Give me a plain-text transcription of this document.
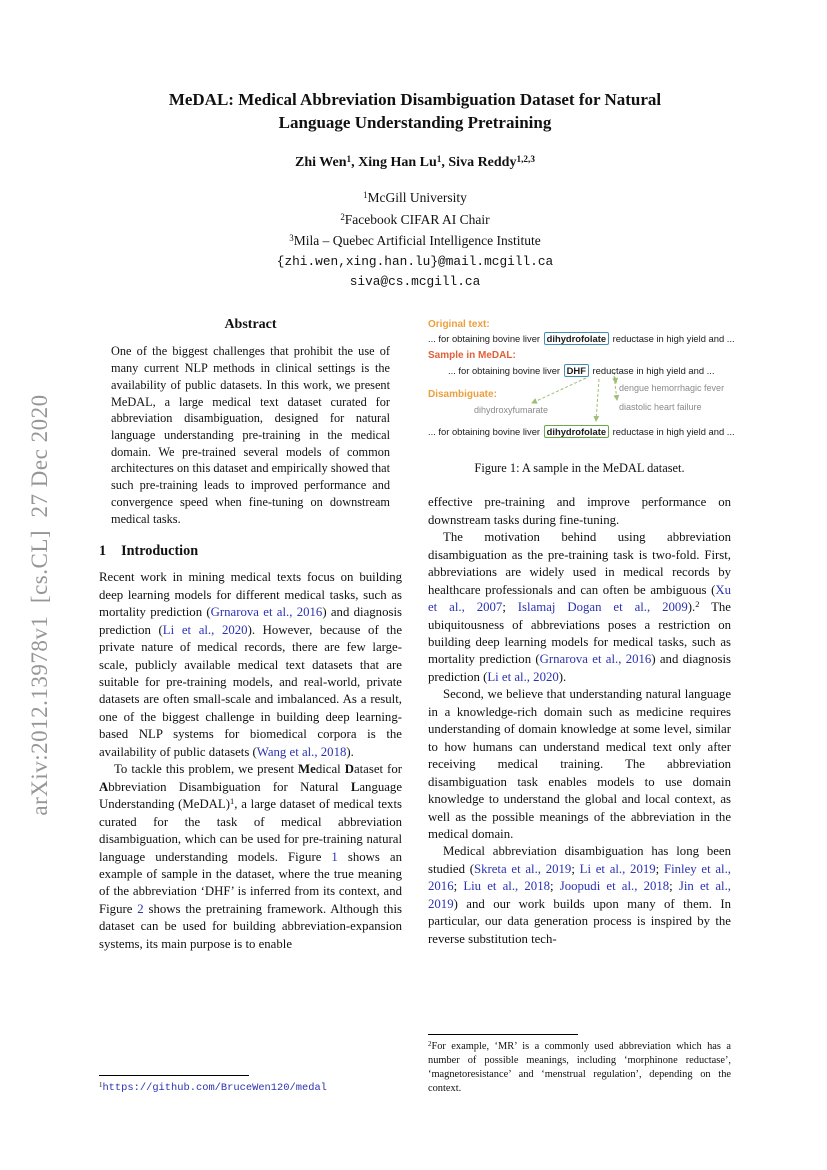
arXiv:2012.13978v1  [cs.CL]  27 Dec 2020
MeDAL: Medical Abbreviation Disambiguation Dataset for Natural Language Understanding Pretraining
Zhi Wen$^1$, Xing Han Lu$^1$, Siva Reddy$^{1,2,3}$
$^1$McGill University
$^2$Facebook CIFAR AI Chair
$^3$Mila – Quebec Artificial Intelligence Institute
{zhi.wen,xing.han.lu}@mail.mcgill.ca
siva@cs.mcgill.ca
Abstract
One of the biggest challenges that prohibit the use of many current NLP methods in clinical settings is the availability of public datasets. In this work, we present MeDAL, a large medical text dataset curated for abbreviation disambiguation, designed for natural language understanding pre-training in the medical domain. We pre-trained several models of common architectures on this dataset and empirically showed that such pre-training leads to improved performance and convergence speed when fine-tuning on downstream medical tasks.
1 Introduction

Recent work in mining medical texts focus on building deep learning models for different medical tasks, such as mortality prediction (Grnarova et al., 2016) and diagnosis prediction (Li et al., 2020). However, because of the private nature of medical records, there are few large-scale, publicly available medical text datasets that are suitable for pre-training models, and real-world, private datasets are often small-scale and imbalanced. As a result, one of the biggest challenge in building deep learning-based NLP systems for biomedical corpora is the availability of public datasets (Wang et al., 2018).

To tackle this problem, we present Medical Dataset for Abbreviation Disambiguation for Natural Language Understanding (MeDAL)$^1$, a large dataset of medical texts curated for the task of medical abbreviation disambiguation, which can be used for pre-training natural language understanding models. Figure 1 shows an example of sample in the dataset, where the true meaning of the abbreviation ‘DHF’ is inferred from its context, and Figure 2 shows the pretraining framework. Although this dataset can be used for building abbreviation-expansion systems, its main purpose is to enable

$^1$https://github.com/BruceWen120/medal
Original text:
... for obtaining bovine liver dihydrofolate reductase in high yield and ...
Sample in MeDAL:
... for obtaining bovine liver DHF reductase in high yield and ...
Disambiguate:
dihydroxyfumarate
dengue hemorrhagic fever
diastolic heart failure
... for obtaining bovine liver dihydrofolate reductase in high yield and ...
Figure 1: A sample in the MeDAL dataset.

effective pre-training and improve performance on downstream tasks during fine-tuning.

The motivation behind using abbreviation disambiguation as the pre-training task is two-fold. First, abbreviations are widely used in medical records by healthcare professionals and can often be ambiguous (Xu et al., 2007; Islamaj Dogan et al., 2009).$^2$ The ubiquitousness of abbreviations poses a restriction on building deep learning models for medical tasks, such as mortality prediction (Grnarova et al., 2016) and diagnosis prediction (Li et al., 2020).

Second, we believe that understanding natural language in a knowledge-rich domain such as medicine requires understanding of domain knowledge at some level, similar to how humans can understand medical text only after receiving medical training. The abbreviation disambiguation task enables models to use domain knowledge to understand the global and local context, as well as the possible meanings of the abbreviation in the medical domain.

Medical abbreviation disambiguation has long been studied (Skreta et al., 2019; Li et al., 2019; Finley et al., 2016; Liu et al., 2018; Joopudi et al., 2018; Jin et al., 2019) and our work builds upon many of them. In particular, our data generation process is inspired by the reverse substitution tech-

$^2$For example, ‘MR’ is a commonly used abbreviation which has a number of possible meanings, including ‘morphinone reductase’, ‘magnetoresistance’ and ‘menstrual regulation’, depending on the context.
